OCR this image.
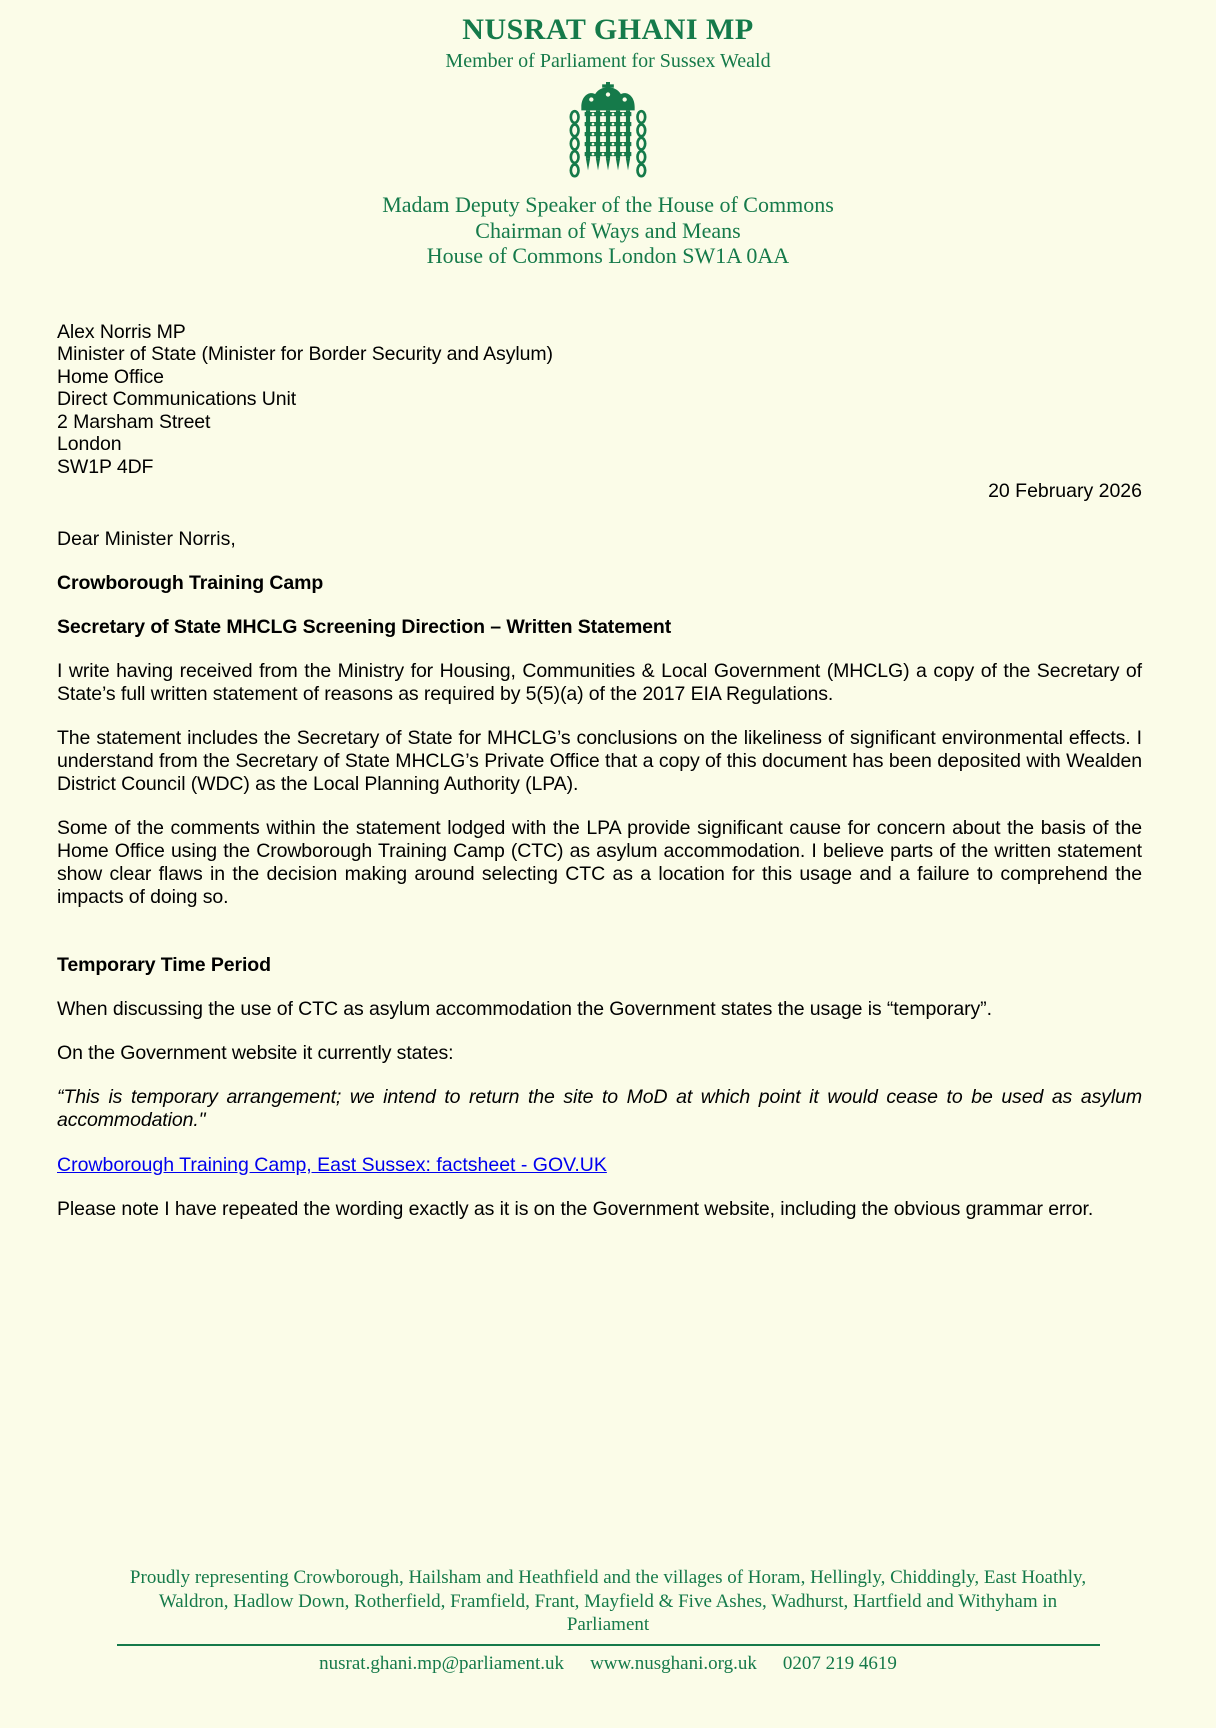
NUSRAT GHANI MP
Member of Parliament for Sussex Weald
Madam Deputy Speaker of the House of Commons
Chairman of Ways and Means
House of Commons London SW1A 0AA
Alex Norris MP
Minister of State (Minister for Border Security and Asylum)
Home Office
Direct Communications Unit
2 Marsham Street
London
SW1P 4DF
20 February 2026

Dear Minister Norris,

Crowborough Training Camp

Secretary of State MHCLG Screening Direction – Written Statement

I write having received from the Ministry for Housing, Communities & Local Government (MHCLG) a copy of the Secretary of State’s full written statement of reasons as required by 5(5)(a) of the 2017 EIA Regulations.

The statement includes the Secretary of State for MHCLG’s conclusions on the likeliness of significant environmental effects. I understand from the Secretary of State MHCLG’s Private Office that a copy of this document has been deposited with Wealden District Council (WDC) as the Local Planning Authority (LPA).

Some of the comments within the statement lodged with the LPA provide significant cause for concern about the basis of the Home Office using the Crowborough Training Camp (CTC) as asylum accommodation. I believe parts of the written statement show clear flaws in the decision making around selecting CTC as a location for this usage and a failure to comprehend the impacts of doing so.

Temporary Time Period

When discussing the use of CTC as asylum accommodation the Government states the usage is “temporary”.

On the Government website it currently states:

“This is temporary arrangement; we intend to return the site to MoD at which point it would cease to be used as asylum accommodation."

Crowborough Training Camp, East Sussex: factsheet - GOV.UK

Please note I have repeated the wording exactly as it is on the Government website, including the obvious grammar error.

Proudly representing Crowborough, Hailsham and Heathfield and the villages of Horam, Hellingly, Chiddingly, East Hoathly, Waldron, Hadlow Down, Rotherfield, Framfield, Frant, Mayfield & Five Ashes, Wadhurst, Hartfield and Withyham in Parliament
nusrat.ghani.mp@parliament.uk www.nusghani.org.uk 0207 219 4619
